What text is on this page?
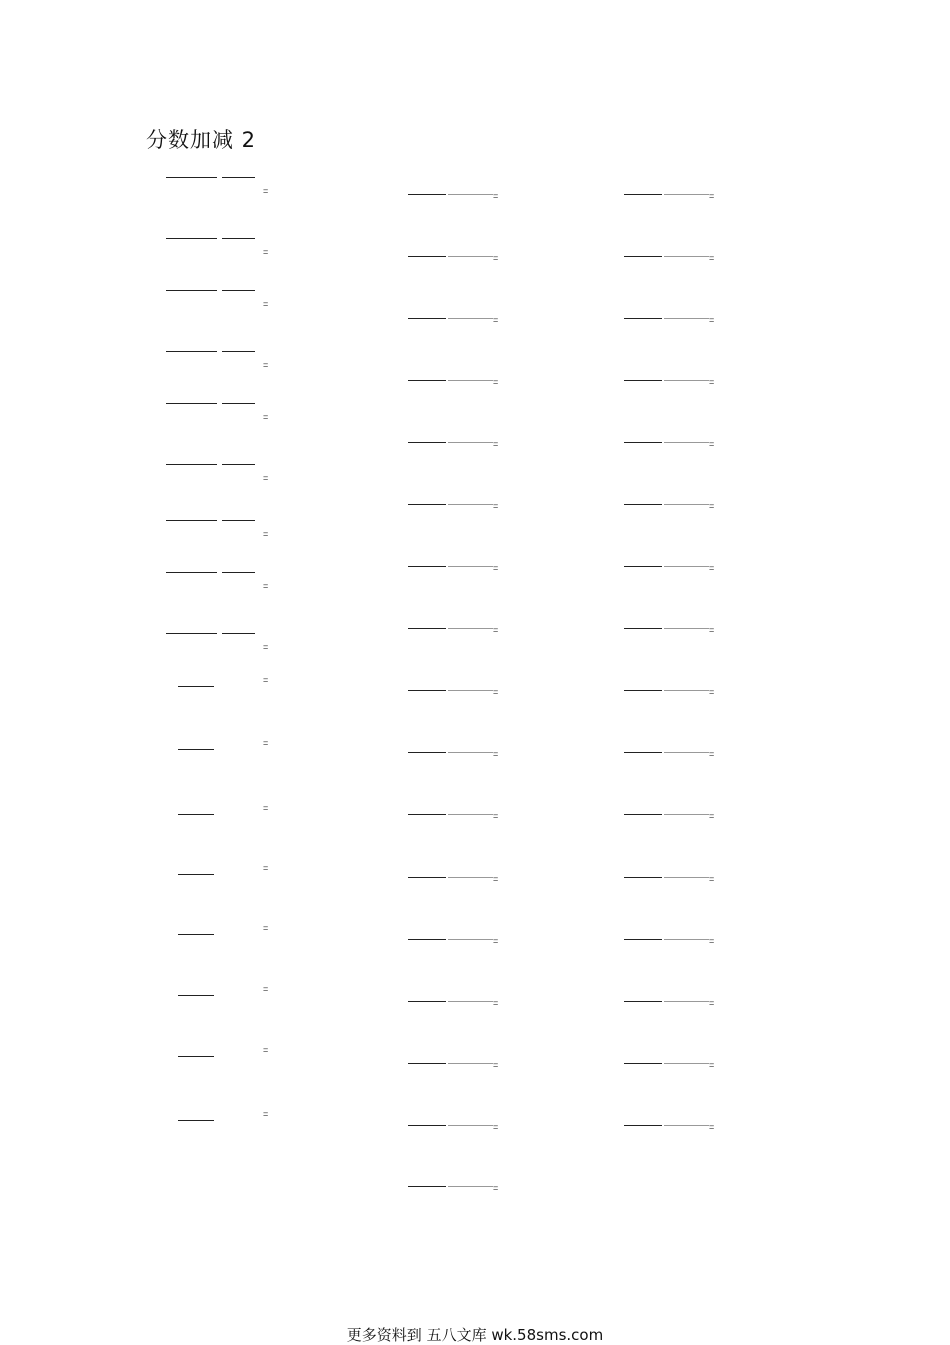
分数加减 2
=
=
=
=
=
=
=
=
=
=
=
=
=
=
=
=
=
=
=
=
=
=
=
=
=
=
=
=
=
=
=
=
=
=
=
=
=
=
=
=
=
=
=
=
=
=
=
=
=
=
更多资料到 五八文库 wk.58sms.com
